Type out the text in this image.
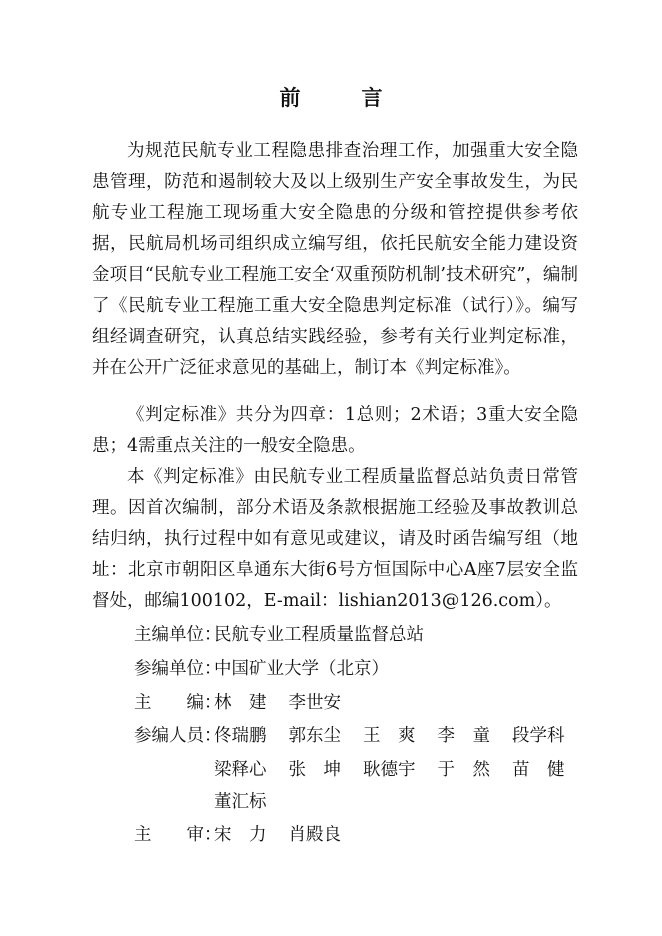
前　言
为规范民航专业工程隐患排查治理工作，加强重大安全隐患管理，防范和遏制较大及以上级别生产安全事故发生，为民航专业工程施工现场重大安全隐患的分级和管控提供参考依据，民航局机场司组织成立编写组，依托民航安全能力建设资金项目“民航专业工程施工安全‘双重预防机制’技术研究”，编制了《民航专业工程施工重大安全隐患判定标准（试行）》。编写组经调查研究，认真总结实践经验，参考有关行业判定标准，并在公开广泛征求意见的基础上，制订本《判定标准》。
《判定标准》共分为四章：1总则；2术语；3重大安全隐患；4需重点关注的一般安全隐患。
本《判定标准》由民航专业工程质量监督总站负责日常管理。因首次编制，部分术语及条款根据施工经验及事故教训总结归纳，执行过程中如有意见或建议，请及时函告编写组（地址：北京市朝阳区阜通东大街6号方恒国际中心A座7层安全监督处，邮编100102，E-mail：lishian2013@126.com）。
主编单位：民航专业工程质量监督总站
参编单位：中国矿业大学（北京）
主　　编：林　建 李世安
参编人员：佟瑞鹏 郭东尘 王　爽 李　童 段学科
梁释心 张　坤 耿德宇 于　然 苗　健
董汇标
主　　审：宋　力 肖殿良
